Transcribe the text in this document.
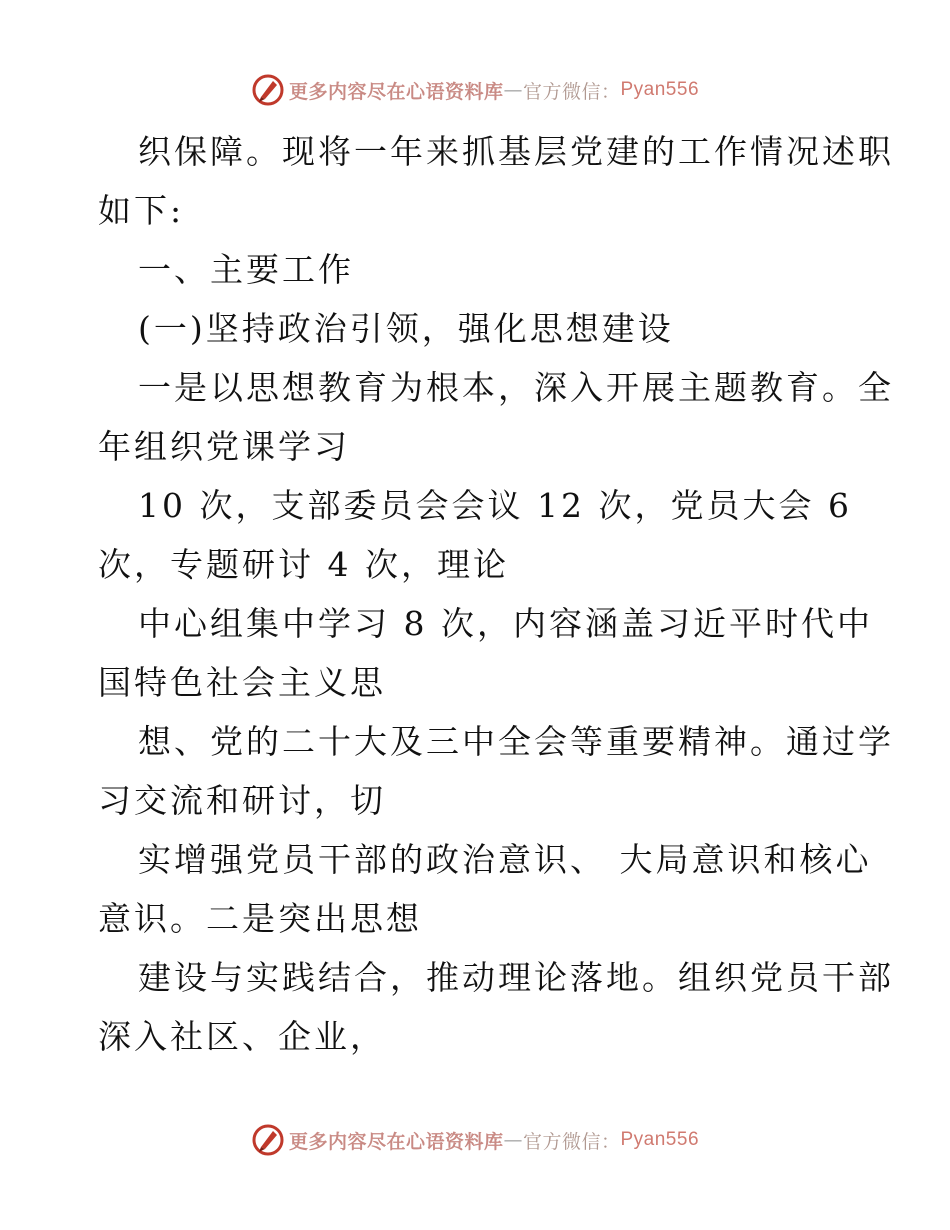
更多内容尽在心语资料库 — 官方微信： Pyan556
织保障。现将一年来抓基层党建的工作情况述职
如下:
一、主要工作
(一)坚持政治引领，强化思想建设
一是以思想教育为根本，深入开展主题教育。全
年组织党课学习
10 次，支部委员会会议 12 次，党员大会 6
次，专题研讨 4 次，理论
中心组集中学习 8 次，内容涵盖习近平时代中
国特色社会主义思
想、党的二十大及三中全会等重要精神。通过学
习交流和研讨，切
实增强党员干部的政治意识、 大局意识和核心
意识。二是突出思想
建设与实践结合，推动理论落地。组织党员干部
深入社区、企业，
更多内容尽在心语资料库 — 官方微信： Pyan556
